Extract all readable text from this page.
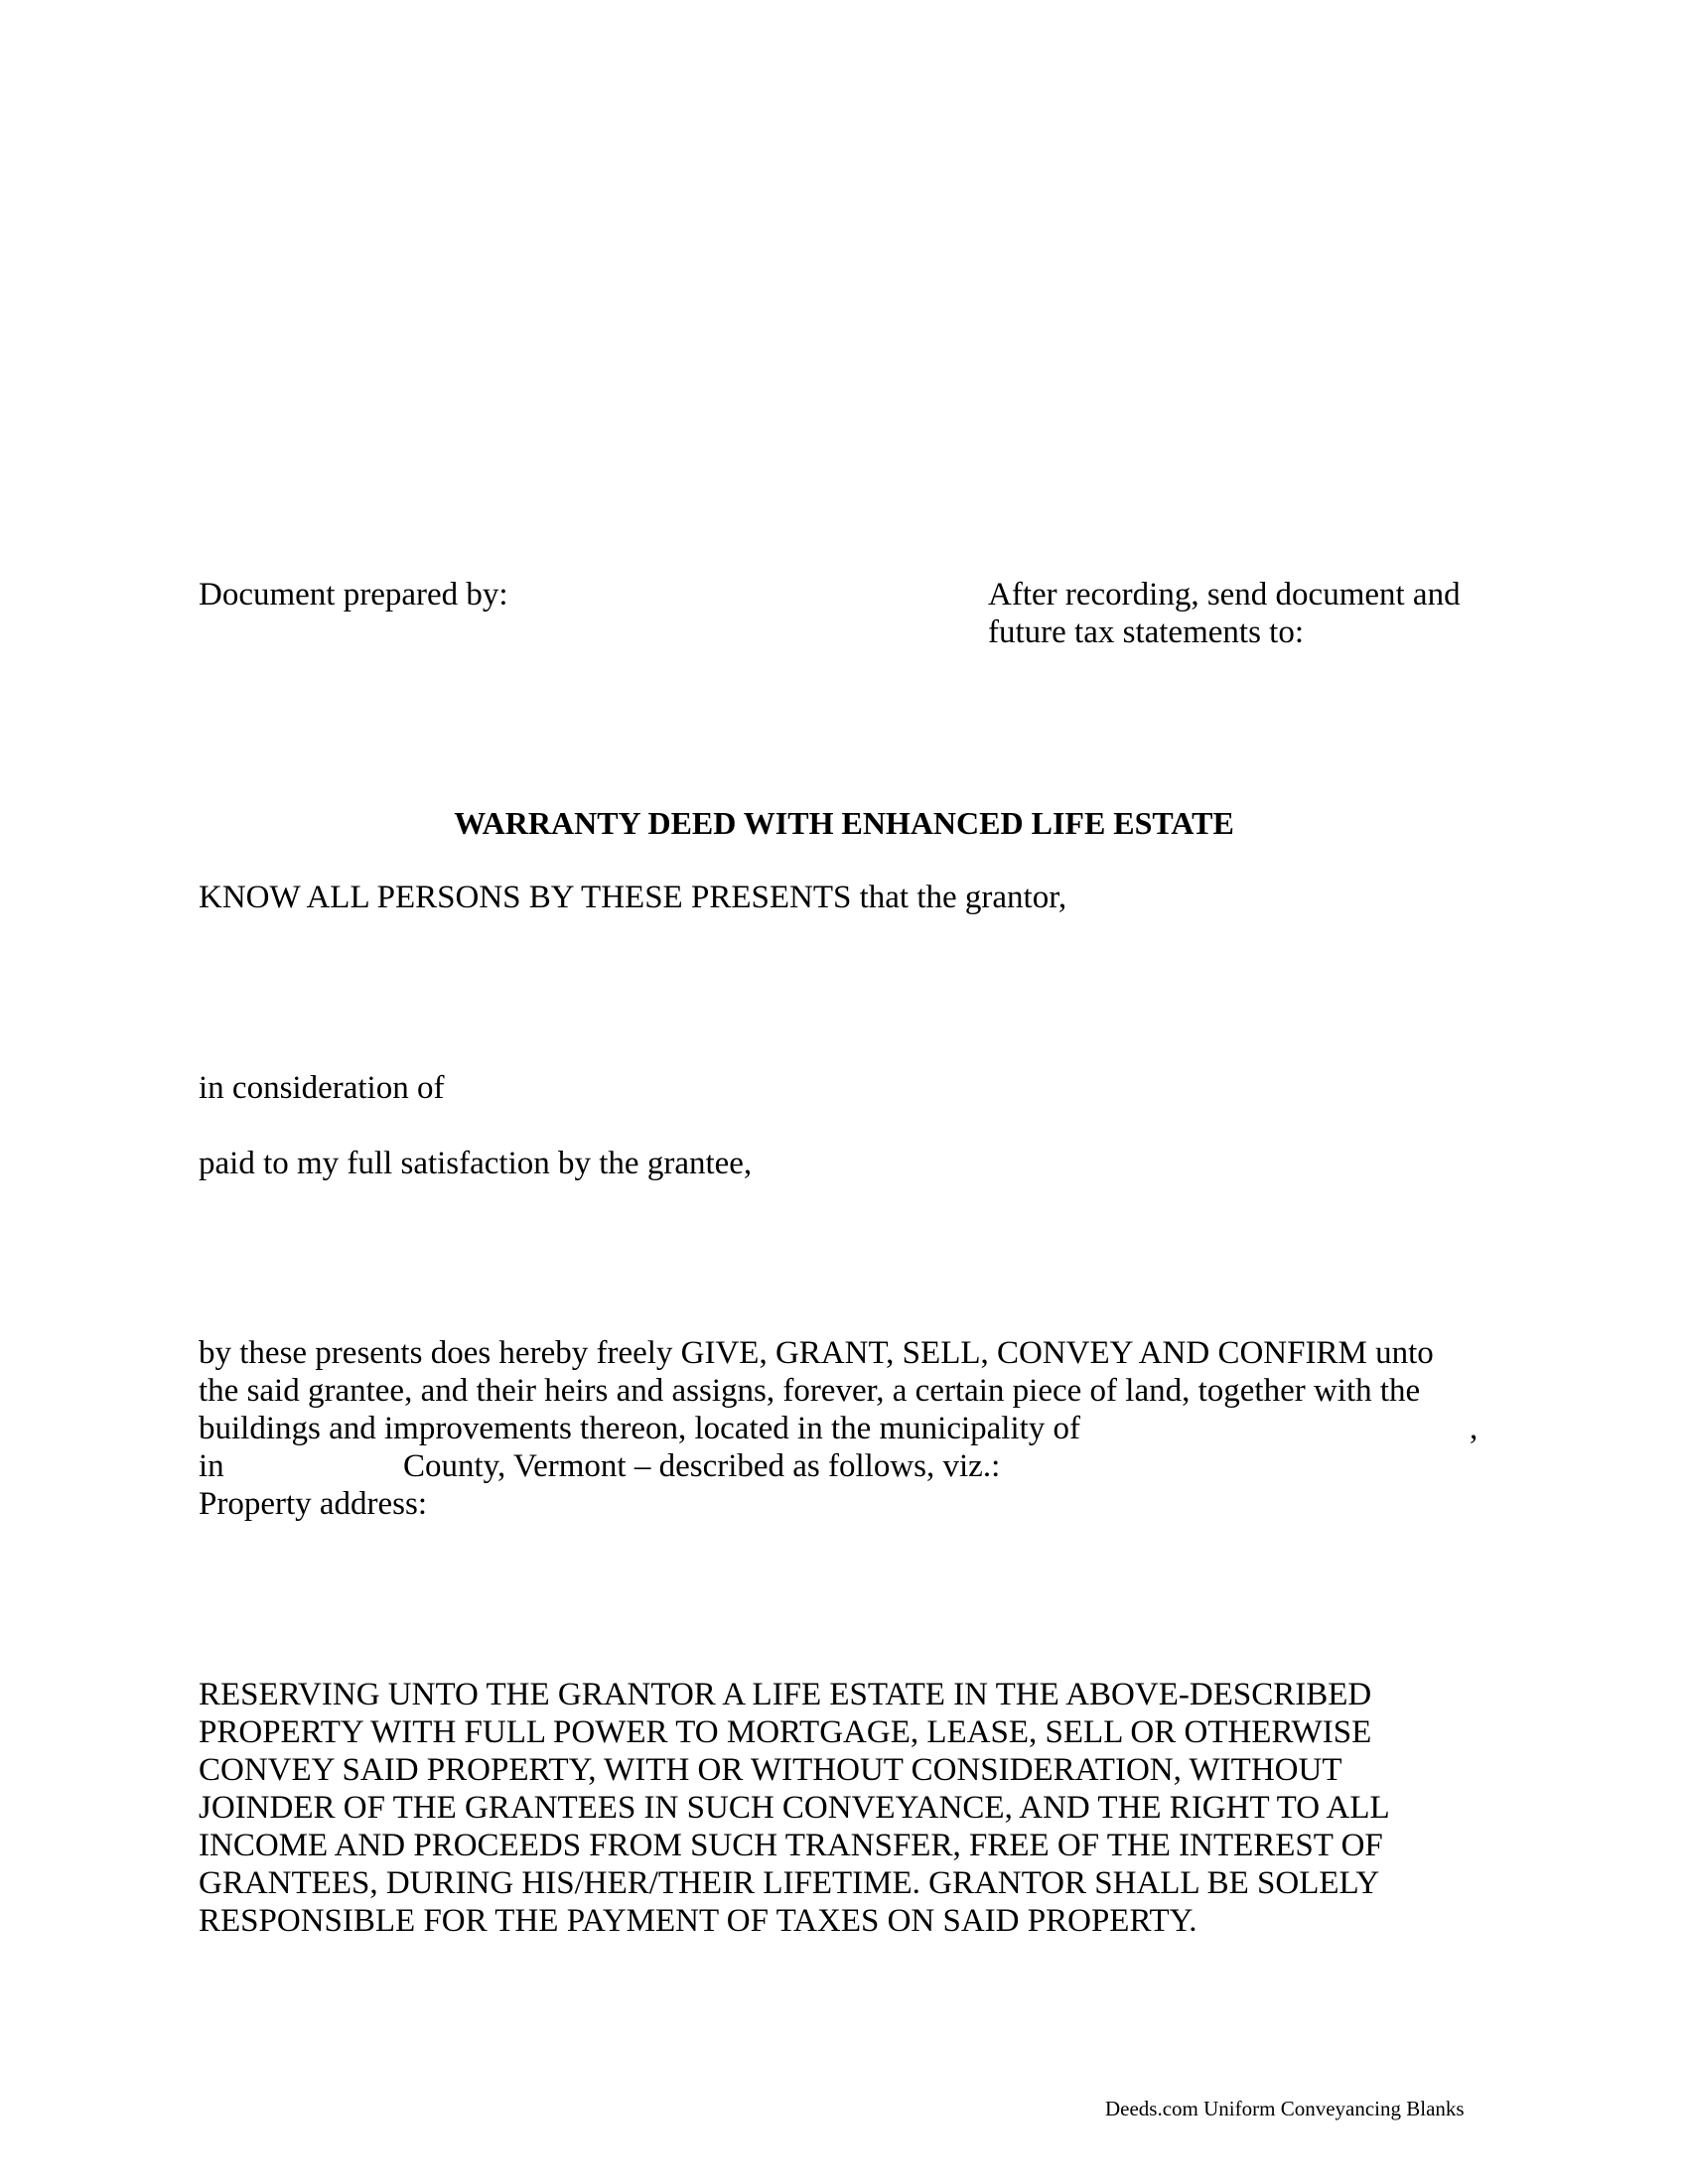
Document prepared by:	After recording, send document and
future tax statements to:
WARRANTY DEED WITH ENHANCED LIFE ESTATE
KNOW ALL PERSONS BY THESE PRESENTS that the grantor,
in consideration of
paid to my full satisfaction by the grantee,
by these presents does hereby freely GIVE, GRANT, SELL, CONVEY AND CONFIRM unto
the said grantee, and their heirs and assigns, forever, a certain piece of land, together with the
buildings and improvements thereon, located in the municipality of	,
in	County, Vermont – described as follows, viz.:
Property address:
RESERVING UNTO THE GRANTOR A LIFE ESTATE IN THE ABOVE-DESCRIBED
PROPERTY WITH FULL POWER TO MORTGAGE, LEASE, SELL OR OTHERWISE
CONVEY SAID PROPERTY, WITH OR WITHOUT CONSIDERATION, WITHOUT
JOINDER OF THE GRANTEES IN SUCH CONVEYANCE, AND THE RIGHT TO ALL
INCOME AND PROCEEDS FROM SUCH TRANSFER, FREE OF THE INTEREST OF
GRANTEES, DURING HIS/HER/THEIR LIFETIME. GRANTOR SHALL BE SOLELY
RESPONSIBLE FOR THE PAYMENT OF TAXES ON SAID PROPERTY.
Deeds.com Uniform Conveyancing Blanks
